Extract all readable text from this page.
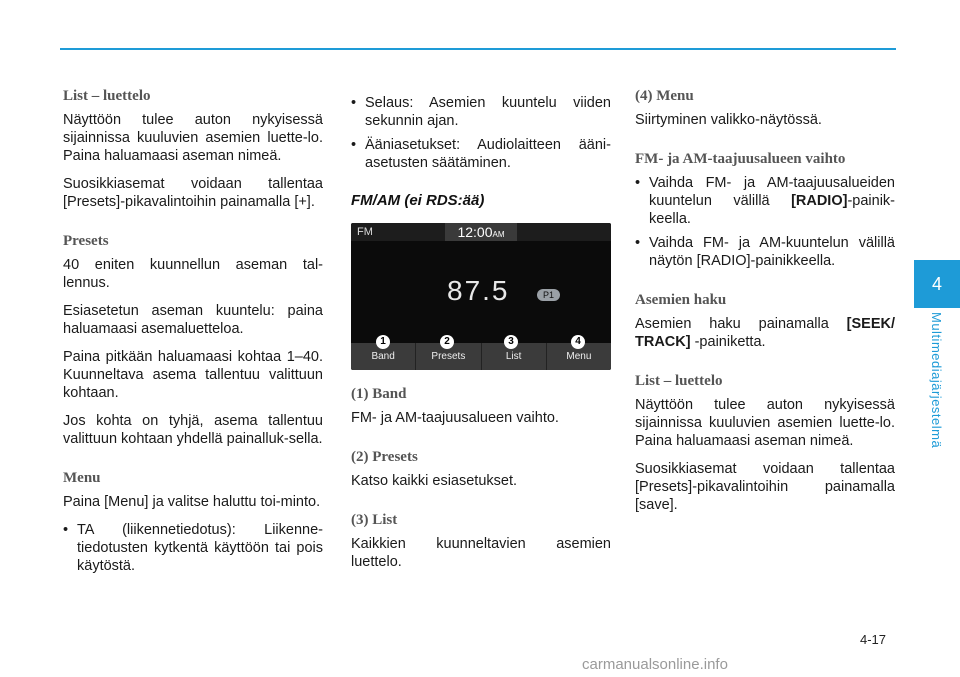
List – luettelo

Näyttöön tulee auton nykyisessä sijainnissa kuuluvien asemien luette-lo. Paina haluamaasi aseman nimeä.

Suosikkiasemat voidaan tallentaa [Presets]-pikavalintoihin painamalla [+].

Presets

40 eniten kuunnellun aseman tal-lennus.

Esiasetetun aseman kuuntelu: paina haluamaasi asemaluetteloa.

Paina pitkään haluamaasi kohtaa 1–40. Kuunneltava asema tallentuu valittuun kohtaan.

Jos kohta on tyhjä, asema tallentuu valittuun kohtaan yhdellä painalluk-sella.

Menu

Paina [Menu] ja valitse haluttu toi-minto.

• TA (liikennetiedotus): Liikenne-tiedotusten kytkentä käyttöön tai pois käytöstä.
• Selaus: Asemien kuuntelu viiden sekunnin ajan.
• Ääniasetukset: Audiolaitteen ääni-asetusten säätäminen.
FM/AM (ei RDS:ää)
FM	12:00AM
87.5	P1
Band	Presets	List	Menu
1	2	3	4
(1) Band

FM- ja AM-taajuusalueen vaihto.

(2) Presets

Katso kaikki esiasetukset.

(3) List

Kaikkien kuunneltavien asemien luettelo.

(4) Menu

Siirtyminen valikko-näytössä.

FM- ja AM-taajuusalueen vaihto
• Vaihda FM- ja AM-taajuusalueiden kuuntelun välillä [RADIO]-painik-keella.
• Vaihda FM- ja AM-kuuntelun välillä näytön [RADIO]-painikkeella.
Asemien haku

Asemien haku painamalla [SEEK/ TRACK] -painiketta.

List – luettelo

Näyttöön tulee auton nykyisessä sijainnissa kuuluvien asemien luette-lo. Paina haluamaasi aseman nimeä.

Suosikkiasemat voidaan tallentaa [Presets]-pikavalintoihin painamalla [save].

4
Multimediajärjestelmä
4-17
carmanualsonline.info
